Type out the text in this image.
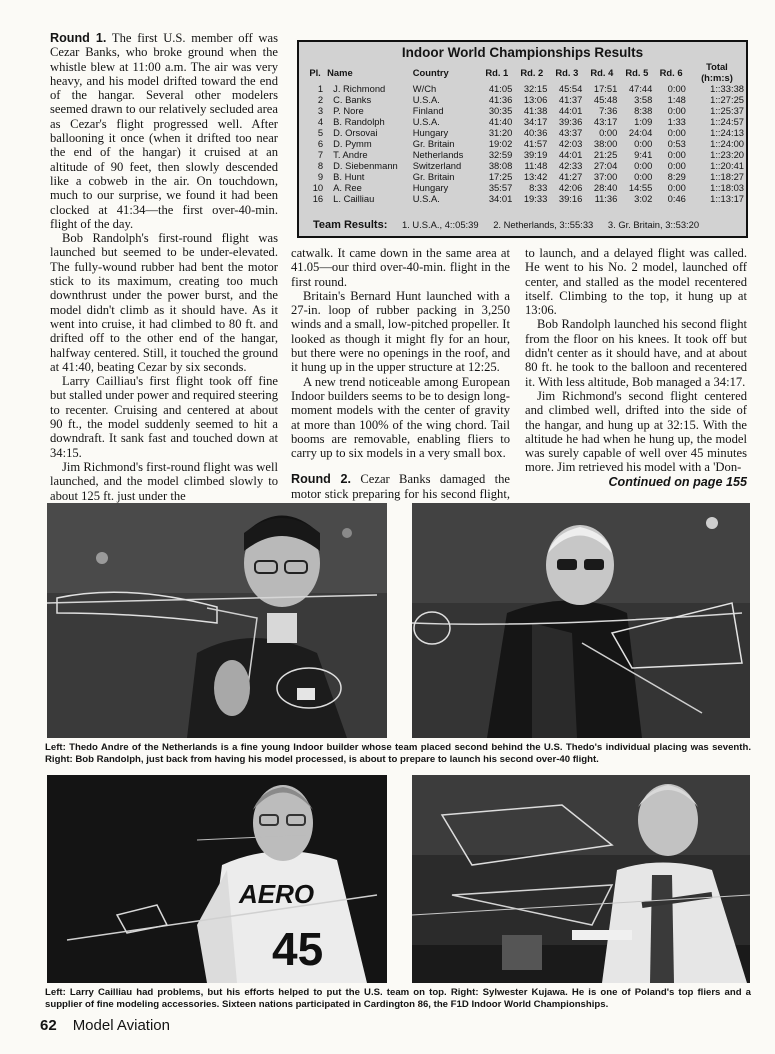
Round 1. The first U.S. member off was Cezar Banks, who broke ground when the whistle blew at 11:00 a.m. The air was very heavy, and his model drifted toward the end of the hangar. Several other modelers seemed drawn to our relatively secluded area as Cezar's flight progressed well. After ballooning it once (when it drifted too near the end of the hangar) it cruised at an altitude of 90 feet, then slowly descended like a cobweb in the air. On touchdown, much to our surprise, we found it had been clocked at 41:34—the first over-40-min. flight of the day.

Bob Randolph's first-round flight was launched but seemed to be under-elevated. The fully-wound rubber had bent the motor stick to its maximum, creating too much downthrust under the power burst, and the model didn't climb as it should have. As it went into cruise, it had climbed to 80 ft. and drifted off to the other end of the hangar, halfway centered. Still, it touched the ground at 41:40, beating Cezar by six seconds.

Larry Cailliau's first flight took off fine but stalled under power and required steering to recenter. Cruising and centered at about 90 ft., the model suddenly seemed to hit a downdraft. It sank fast and touched down at 34:15.

Jim Richmond's first-round flight was well launched, and the model climbed slowly to about 125 ft. just under the

Indoor World Championships Results
Pl.	Name	Country	Rd. 1	Rd. 2	Rd. 3	Rd. 4	Rd. 5	Rd. 6	Total (h:m:s)
1	J. Richmond	W/Ch	41:05	32:15	45:54	17:51	47:44	0:00	1::33:38
2	C. Banks	U.S.A.	41:36	13:06	41:37	45:48	3:58	1:48	1::27:25
3	P. Nore	Finland	30:35	41:38	44:01	7:36	8:38	0:00	1::25:37
4	B. Randolph	U.S.A.	41:40	34:17	39:36	43:17	1:09	1:33	1::24:57
5	D. Orsovai	Hungary	31:20	40:36	43:37	0:00	24:04	0:00	1::24:13
6	D. Pymm	Gr. Britain	19:02	41:57	42:03	38:00	0:00	0:53	1::24:00
7	T. Andre	Netherlands	32:59	39:19	44:01	21:25	9:41	0:00	1::23:20
8	D. Siebenmann	Switzerland	38:08	11:48	42:33	27:04	0:00	0:00	1::20:41
9	B. Hunt	Gr. Britain	17:25	13:42	41:27	37:00	0:00	8:29	1::18:27
10	A. Ree	Hungary	35:57	8:33	42:06	28:40	14:55	0:00	1::18:03
16	L. Cailliau	U.S.A.	34:01	19:33	39:16	11:36	3:02	0:46	1::13:17
Team Results: 1. U.S.A., 4::05:39 2. Netherlands, 3::55:33 3. Gr. Britain, 3::53:20

catwalk. It came down in the same area at 41.05—our third over-40-min. flight in the first round.

Britain's Bernard Hunt launched with a 27-in. loop of rubber packing in 3,250 winds and a small, low-pitched propeller. It looked as though it might fly for an hour, but there were no openings in the roof, and it hung up in the upper structure at 12:25.

A new trend noticeable among European Indoor builders seems to be to design long-moment models with the center of gravity at more than 100% of the wing chord. Tail booms are removable, enabling fliers to carry up to six models in a very small box.

Round 2. Cezar Banks damaged the motor stick preparing for his second flight,

to launch, and a delayed flight was called. He went to his No. 2 model, launched off center, and stalled as the model recentered itself. Climbing to the top, it hung up at 13:06.

Bob Randolph launched his second flight from the floor on his knees. It took off but didn't center as it should have, and at about 80 ft. he took to the balloon and recentered it. With less altitude, Bob managed a 34:17.

Jim Richmond's second flight centered and climbed well, drifted into the side of the hangar, and hung up at 32:15. With the altitude he had when he hung up, the model was surely capable of well over 45 minutes more. Jim retrieved his model with a 'Don-

Continued on page 155

Left: Thedo Andre of the Netherlands is a fine young Indoor builder whose team placed second behind the U.S. Thedo's individual placing was seventh. Right: Bob Randolph, just back from having his model processed, is about to prepare to launch his second over-40 flight.
AERO
45
Left: Larry Cailliau had problems, but his efforts helped to put the U.S. team on top. Right: Sylwester Kujawa. He is one of Poland's top fliers and a supplier of fine modeling accessories. Sixteen nations participated in Cardington 86, the F1D Indoor World Championships.
62 Model Aviation
